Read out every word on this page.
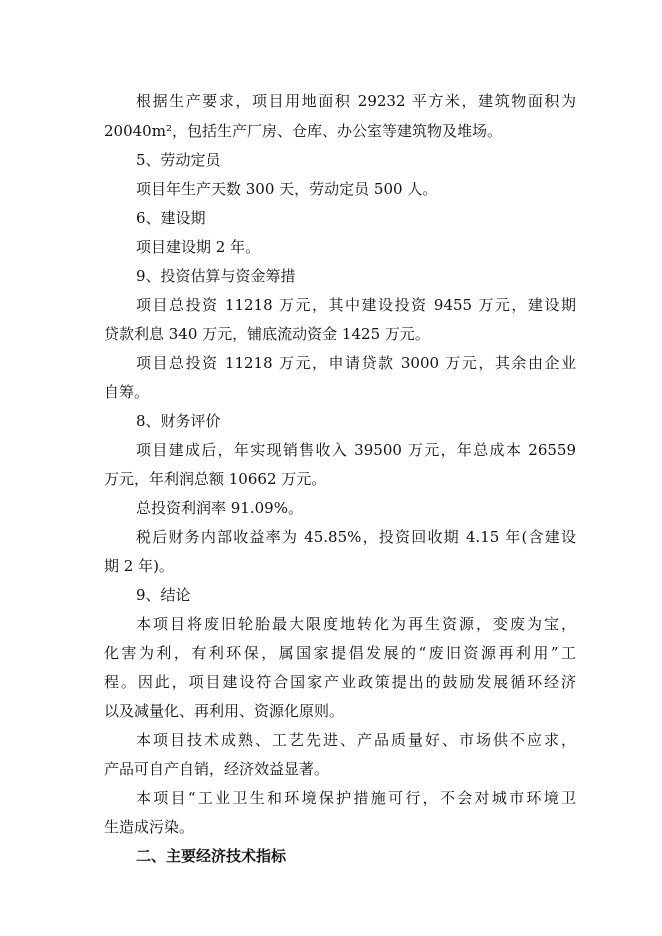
根据生产要求，项目用地面积 29232 平方米，建筑物面积为
20040m²，包括生产厂房、仓库、办公室等建筑物及堆场。
5、劳动定员
项目年生产天数 300 天，劳动定员 500 人。
6、建设期
项目建设期 2 年。
9、投资估算与资金筹措
项目总投资 11218 万元，其中建设投资 9455 万元，建设期
贷款利息 340 万元，铺底流动资金 1425 万元。
项目总投资 11218 万元，申请贷款 3000 万元，其余由企业
自筹。
8、财务评价
项目建成后，年实现销售收入 39500 万元，年总成本 26559
万元，年利润总额 10662 万元。
总投资利润率 91.09%。
税后财务内部收益率为 45.85%，投资回收期 4.15 年(含建设
期 2 年)。
9、结论
本项目将废旧轮胎最大限度地转化为再生资源，变废为宝，
化害为利，有利环保，属国家提倡发展的“废旧资源再利用”工
程。因此，项目建设符合国家产业政策提出的鼓励发展循环经济
以及减量化、再利用、资源化原则。
本项目技术成熟、工艺先进、产品质量好、市场供不应求，
产品可自产自销，经济效益显著。
本项目“工业卫生和环境保护措施可行，不会对城市环境卫
生造成污染。
二、主要经济技术指标
